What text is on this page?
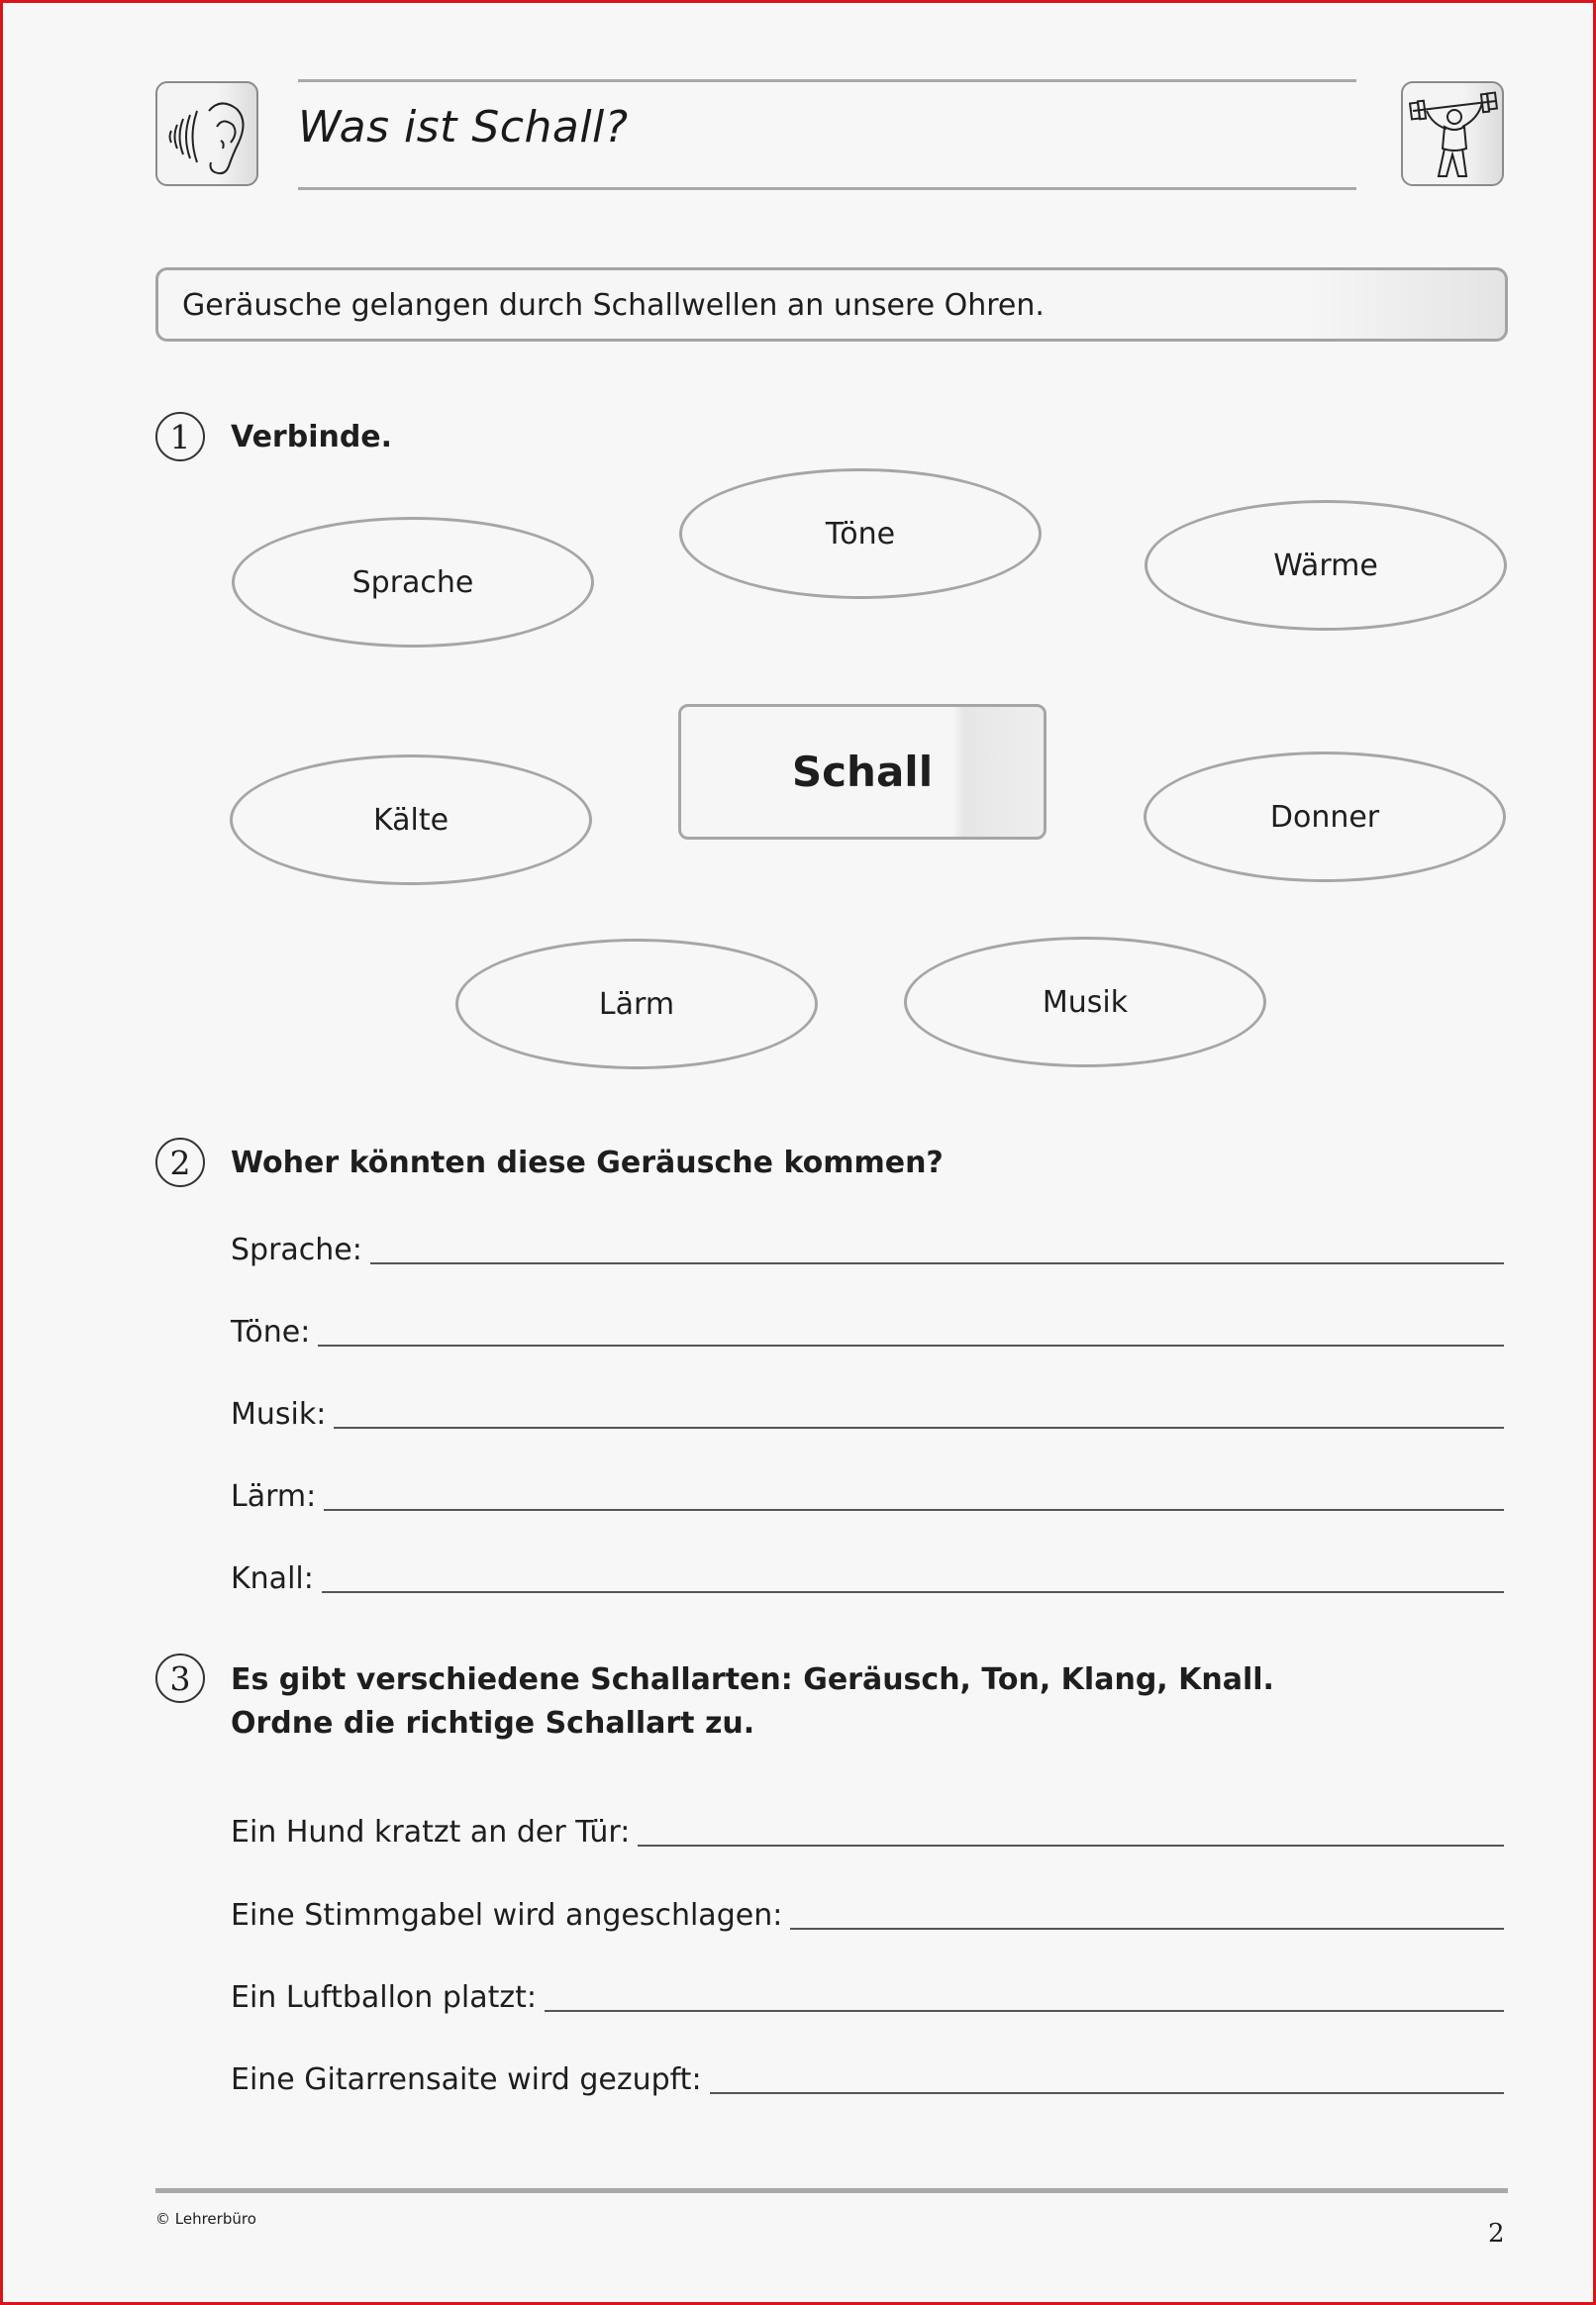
Was ist Schall?
Geräusche gelangen durch Schallwellen an unsere Ohren.
1	Verbinde.
Sprache
Töne
Wärme
Kälte
Schall
Donner
Lärm	Musik
2	Woher könnten diese Geräusche kommen?
Sprache:
Töne:
Musik:
Lärm:
Knall:
3	Es gibt verschiedene Schallarten: Geräusch, Ton, Klang, Knall.
Ordne die richtige Schallart zu.
Ein Hund kratzt an der Tür:
Eine Stimmgabel wird angeschlagen:
Ein Luftballon platzt:
Eine Gitarrensaite wird gezupft:
© Lehrerbüro	2
